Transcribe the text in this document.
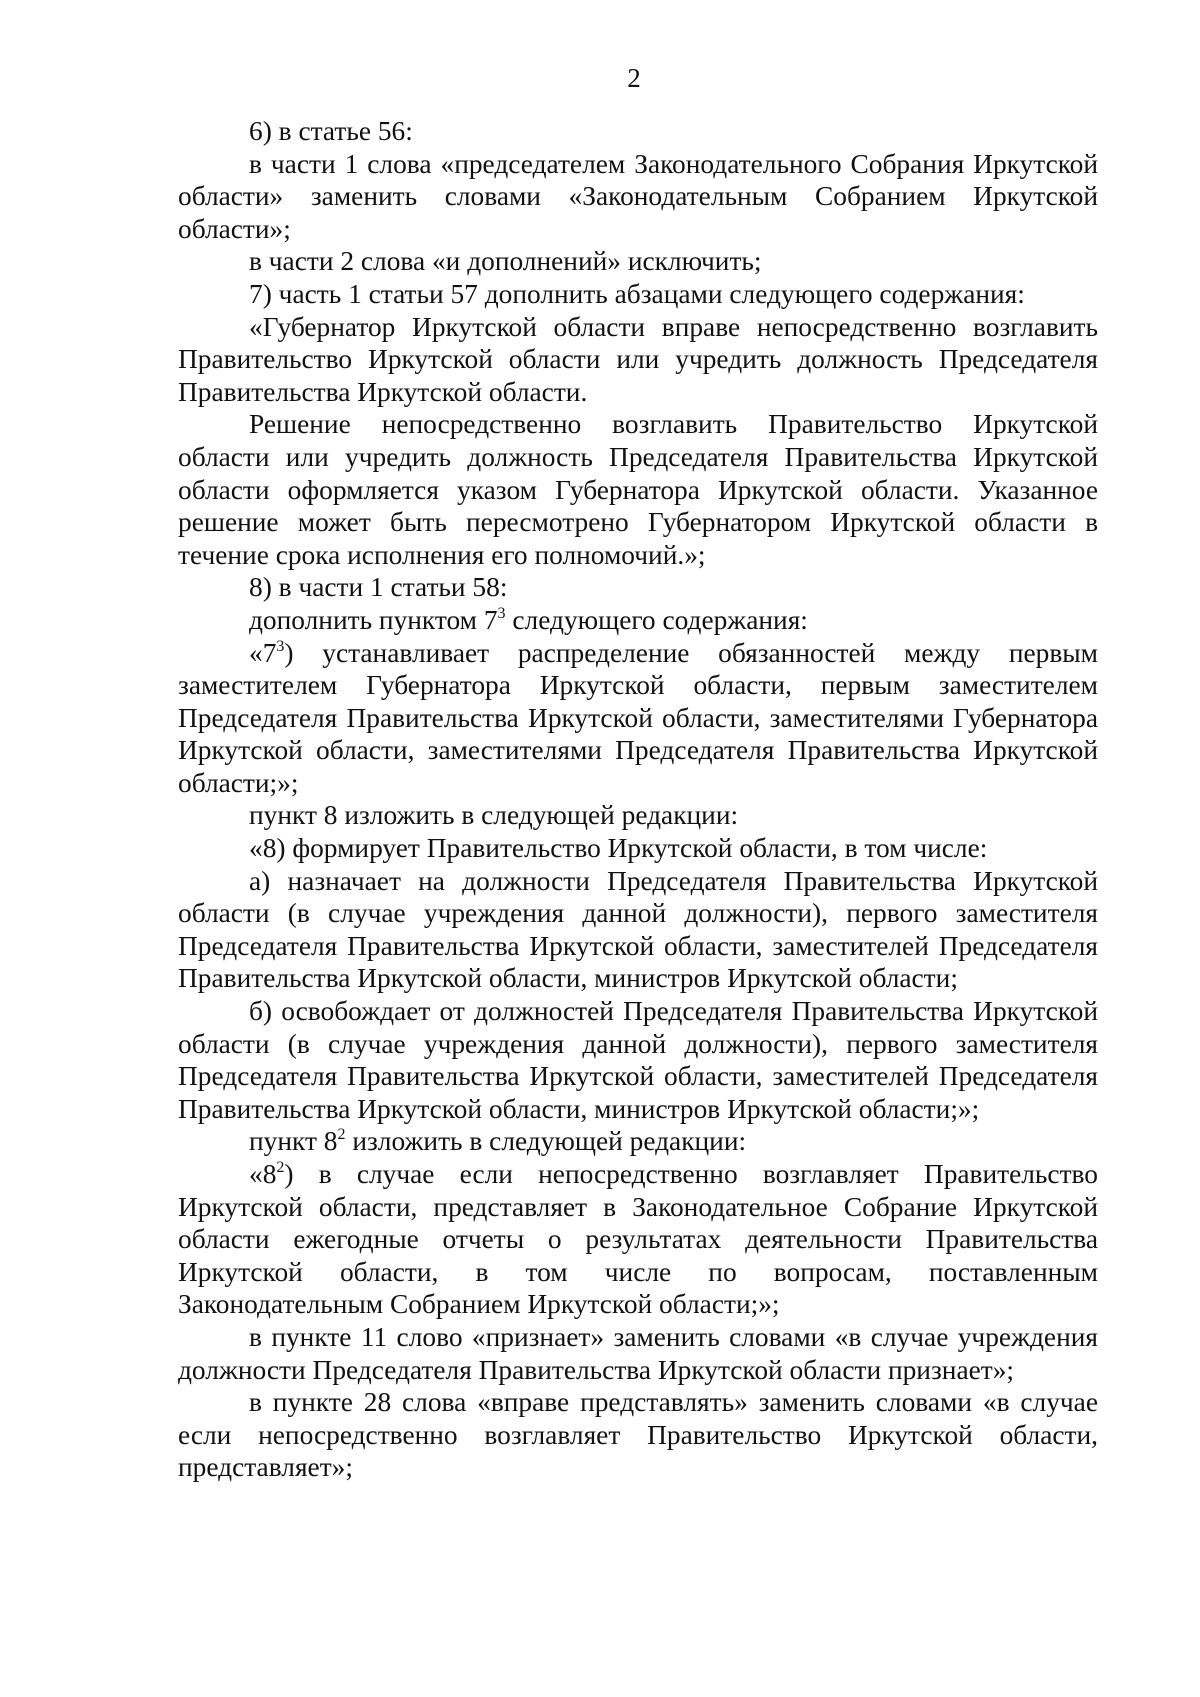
2

6) в статье 56:

в части 1 слова «председателем Законодательного Собрания Иркутской области» заменить словами «Законодательным Собранием Иркутской области»;

в части 2 слова «и дополнений» исключить;

7) часть 1 статьи 57 дополнить абзацами следующего содержания:

«Губернатор Иркутской области вправе непосредственно возглавить Правительство Иркутской области или учредить должность Председателя Правительства Иркутской области.

Решение непосредственно возглавить Правительство Иркутской области или учредить должность Председателя Правительства Иркутской области оформляется указом Губернатора Иркутской области. Указанное решение может быть пересмотрено Губернатором Иркутской области в течение срока исполнения его полномочий.»;

8) в части 1 статьи 58:

дополнить пунктом $7^3$ следующего содержания:

«$7^3$) устанавливает распределение обязанностей между первым заместителем Губернатора Иркутской области, первым заместителем Председателя Правительства Иркутской области, заместителями Губернатора Иркутской области, заместителями Председателя Правительства Иркутской области;»;

пункт 8 изложить в следующей редакции:

«8) формирует Правительство Иркутской области, в том числе:

а) назначает на должности Председателя Правительства Иркутской области (в случае учреждения данной должности), первого заместителя Председателя Правительства Иркутской области, заместителей Председателя Правительства Иркутской области, министров Иркутской области;

б) освобождает от должностей Председателя Правительства Иркутской области (в случае учреждения данной должности), первого заместителя Председателя Правительства Иркутской области, заместителей Председателя Правительства Иркутской области, министров Иркутской области;»;

пункт $8^2$ изложить в следующей редакции:

«$8^2$) в случае если непосредственно возглавляет Правительство Иркутской области, представляет в Законодательное Собрание Иркутской области ежегодные отчеты о результатах деятельности Правительства Иркутской области, в том числе по вопросам, поставленным Законодательным Собранием Иркутской области;»;

в пункте 11 слово «признает» заменить словами «в случае учреждения должности Председателя Правительства Иркутской области признает»;

в пункте 28 слова «вправе представлять» заменить словами «в случае если непосредственно возглавляет Правительство Иркутской области, представляет»;
